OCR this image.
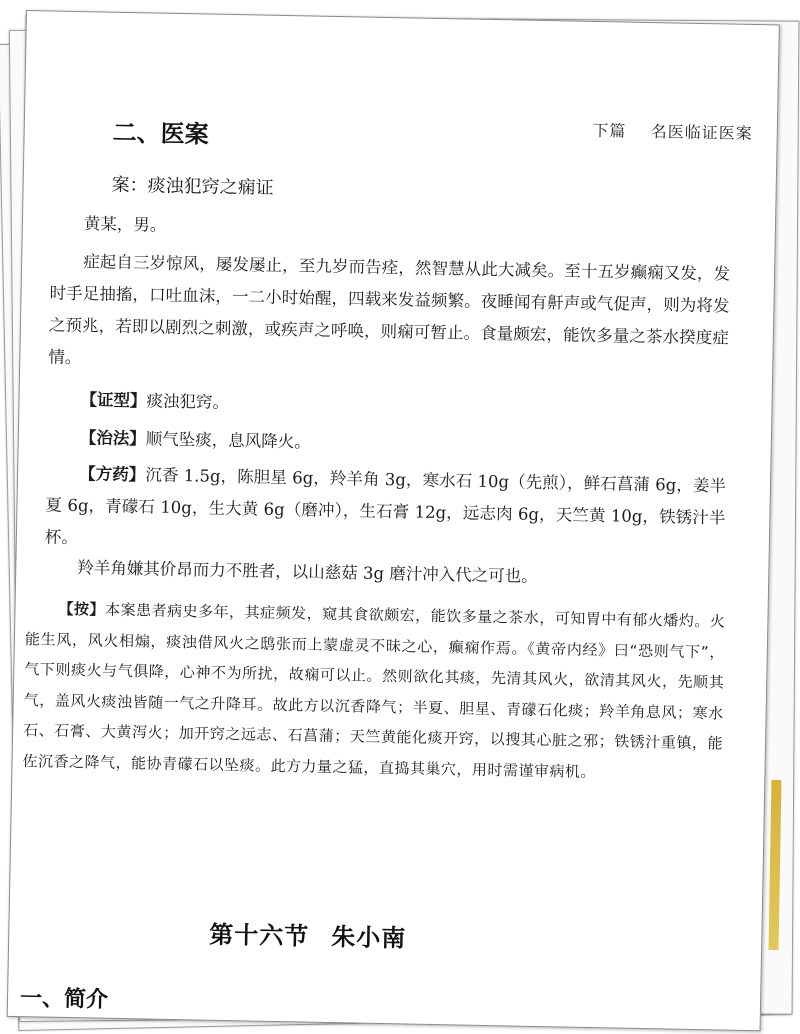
下篇 名医临证医案
二、医案
案：痰浊犯窍之痫证
黄某，男。
症起自三岁惊风，屡发屡止，至九岁而告痊，然智慧从此大减矣。至十五岁癫痫又发，发时手足抽搐，口吐血沫，一二小时始醒，四载来发益频繁。夜睡闻有鼾声或气促声，则为将发之预兆，若即以剧烈之刺激，或疾声之呼唤，则痫可暂止。食量颇宏，能饮多量之茶水揆度症情。
【证型】痰浊犯窍。
【治法】顺气坠痰，息风降火。
【方药】沉香 1.5g，陈胆星 6g，羚羊角 3g，寒水石 10g（先煎），鲜石菖蒲 6g，姜半夏 6g，青礞石 10g，生大黄 6g（磨冲），生石膏 12g，远志肉 6g，天竺黄 10g，铁锈汁半杯。
羚羊角嫌其价昂而力不胜者，以山慈菇 3g 磨汁冲入代之可也。
【按】本案患者病史多年，其症频发，窥其食欲颇宏，能饮多量之茶水，可知胃中有郁火燔灼。火能生风，风火相煽，痰浊借风火之鸱张而上蒙虚灵不昧之心，癫痫作焉。《黄帝内经》曰“恐则气下”，气下则痰火与气俱降，心神不为所扰，故痫可以止。然则欲化其痰，先清其风火，欲清其风火，先顺其气，盖风火痰浊皆随一气之升降耳。故此方以沉香降气；半夏、胆星、青礞石化痰；羚羊角息风；寒水石、石膏、大黄泻火；加开窍之远志、石菖蒲；天竺黄能化痰开窍，以搜其心脏之邪；铁锈汁重镇，能佐沉香之降气，能协青礞石以坠痰。此方力量之猛，直捣其巢穴，用时需谨审病机。
第十六节 朱小南
一、简介
